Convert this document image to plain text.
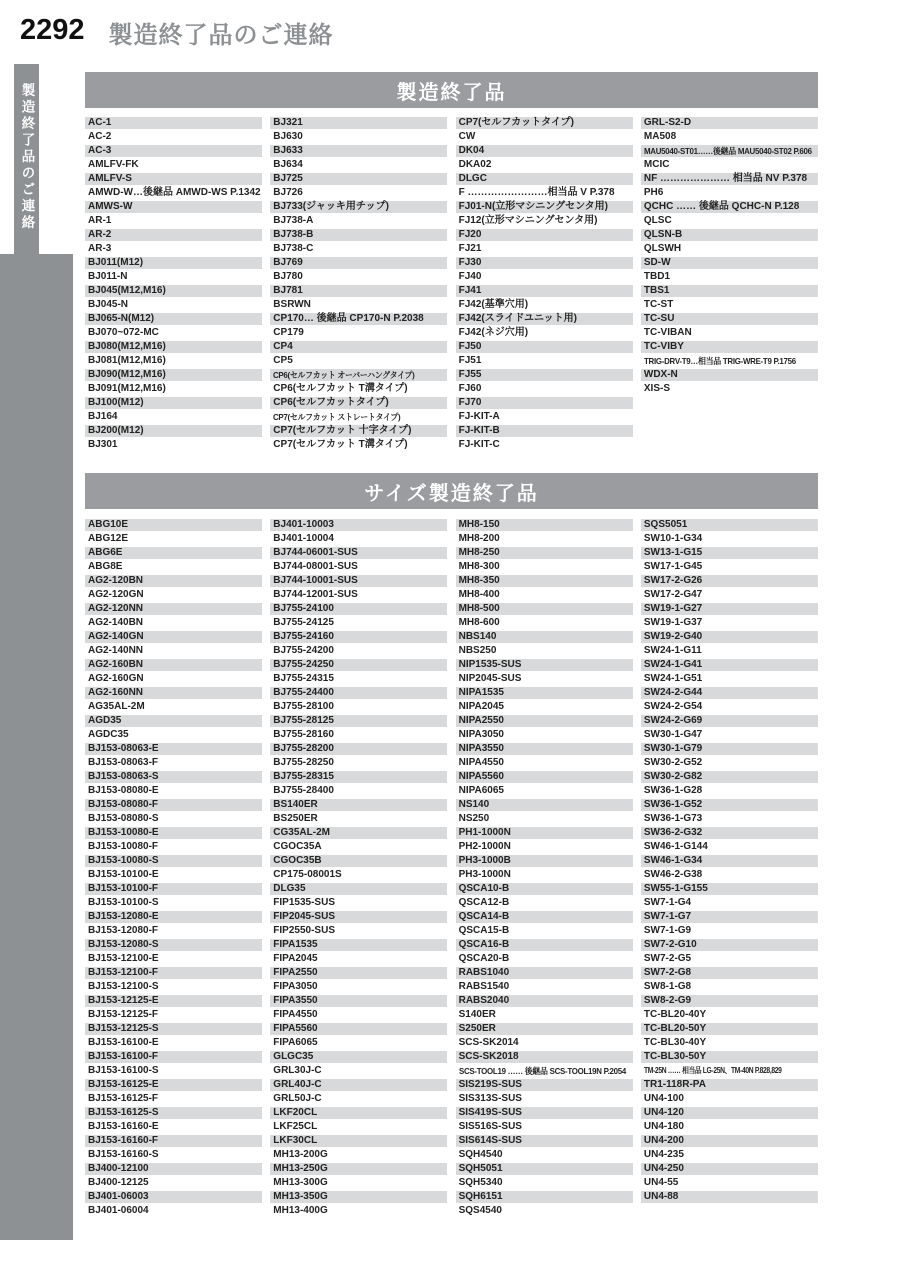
2292 製造終了品のご連絡
製造終了品のご連絡	製造終了品
AC-1
AC-2
AC-3
AMLFV-FK
AMLFV-S
AMWD-W…後継品 AMWD-WS P.1342
AMWS-W
AR-1
AR-2
AR-3
BJ011(M12)
BJ011-N
BJ045(M12,M16)
BJ045-N
BJ065-N(M12)
BJ070~072-MC
BJ080(M12,M16)
BJ081(M12,M16)
BJ090(M12,M16)
BJ091(M12,M16)
BJ100(M12)
BJ164
BJ200(M12)
BJ301
BJ321
BJ630
BJ633
BJ634
BJ725
BJ726
BJ733(ジャッキ用チップ)
BJ738-A
BJ738-B
BJ738-C
BJ769
BJ780
BJ781
BSRWN
CP170… 後継品 CP170-N P.2038
CP179
CP4
CP5
CP6(セルフカット オーバーハングタイプ)
CP6(セルフカット T溝タイプ)
CP6(セルフカットタイプ)
CP7(セルフカット ストレートタイプ)
CP7(セルフカット 十字タイプ)
CP7(セルフカット T溝タイプ)
CP7(セルフカットタイプ)
CW
DK04
DKA02
DLGC
F ……………………相当品 V P.378
FJ01-N(立形マシニングセンタ用)
FJ12(立形マシニングセンタ用)
FJ20
FJ21
FJ30
FJ40
FJ41
FJ42(基準穴用)
FJ42(スライドユニット用)
FJ42(ネジ穴用)
FJ50
FJ51
FJ55
FJ60
FJ70
FJ-KIT-A
FJ-KIT-B
FJ-KIT-C
GRL-S2-D
MA508
MAU5040-ST01……後継品 MAU5040-ST02 P.606
MCIC
NF ………………… 相当品 NV P.378
PH6
QCHC …… 後継品 QCHC-N P.128
QLSC
QLSN-B
QLSWH
SD-W
TBD1
TBS1
TC-ST
TC-SU
TC-VIBAN
TC-VIBY
TRIG-DRV-T9…相当品 TRIG-WRE-T9 P.1756
WDX-N
XIS-S
サイズ製造終了品
ABG10E
ABG12E
ABG6E
ABG8E
AG2-120BN
AG2-120GN
AG2-120NN
AG2-140BN
AG2-140GN
AG2-140NN
AG2-160BN
AG2-160GN
AG2-160NN
AG35AL-2M
AGD35
AGDC35
BJ153-08063-E
BJ153-08063-F
BJ153-08063-S
BJ153-08080-E
BJ153-08080-F
BJ153-08080-S
BJ153-10080-E
BJ153-10080-F
BJ153-10080-S
BJ153-10100-E
BJ153-10100-F
BJ153-10100-S
BJ153-12080-E
BJ153-12080-F
BJ153-12080-S
BJ153-12100-E
BJ153-12100-F
BJ153-12100-S
BJ153-12125-E
BJ153-12125-F
BJ153-12125-S
BJ153-16100-E
BJ153-16100-F
BJ153-16100-S
BJ153-16125-E
BJ153-16125-F
BJ153-16125-S
BJ153-16160-E
BJ153-16160-F
BJ153-16160-S
BJ400-12100
BJ400-12125
BJ401-06003
BJ401-06004
BJ401-10003
BJ401-10004
BJ744-06001-SUS
BJ744-08001-SUS
BJ744-10001-SUS
BJ744-12001-SUS
BJ755-24100
BJ755-24125
BJ755-24160
BJ755-24200
BJ755-24250
BJ755-24315
BJ755-24400
BJ755-28100
BJ755-28125
BJ755-28160
BJ755-28200
BJ755-28250
BJ755-28315
BJ755-28400
BS140ER
BS250ER
CG35AL-2M
CGOC35A
CGOC35B
CP175-08001S
DLG35
FIP1535-SUS
FIP2045-SUS
FIP2550-SUS
FIPA1535
FIPA2045
FIPA2550
FIPA3050
FIPA3550
FIPA4550
FIPA5560
FIPA6065
GLGC35
GRL30J-C
GRL40J-C
GRL50J-C
LKF20CL
LKF25CL
LKF30CL
MH13-200G
MH13-250G
MH13-300G
MH13-350G
MH13-400G
MH8-150
MH8-200
MH8-250
MH8-300
MH8-350
MH8-400
MH8-500
MH8-600
NBS140
NBS250
NIP1535-SUS
NIP2045-SUS
NIPA1535
NIPA2045
NIPA2550
NIPA3050
NIPA3550
NIPA4550
NIPA5560
NIPA6065
NS140
NS250
PH1-1000N
PH2-1000N
PH3-1000B
PH3-1000N
QSCA10-B
QSCA12-B
QSCA14-B
QSCA15-B
QSCA16-B
QSCA20-B
RABS1040
RABS1540
RABS2040
S140ER
S250ER
SCS-SK2014
SCS-SK2018
SCS-TOOL19 …… 後継品 SCS-TOOL19N P.2054
SIS219S-SUS
SIS313S-SUS
SIS419S-SUS
SIS516S-SUS
SIS614S-SUS
SQH4540
SQH5051
SQH5340
SQH6151
SQS4540
SQS5051
SW10-1-G34
SW13-1-G15
SW17-1-G45
SW17-2-G26
SW17-2-G47
SW19-1-G27
SW19-1-G37
SW19-2-G40
SW24-1-G11
SW24-1-G41
SW24-1-G51
SW24-2-G44
SW24-2-G54
SW24-2-G69
SW30-1-G47
SW30-1-G79
SW30-2-G52
SW30-2-G82
SW36-1-G28
SW36-1-G52
SW36-1-G73
SW36-2-G32
SW46-1-G144
SW46-1-G34
SW46-2-G38
SW55-1-G155
SW7-1-G4
SW7-1-G7
SW7-1-G9
SW7-2-G10
SW7-2-G5
SW7-2-G8
SW8-1-G8
SW8-2-G9
TC-BL20-40Y
TC-BL20-50Y
TC-BL30-40Y
TC-BL30-50Y
TM-25N …… 相当品 LG-25N、TM-40N P.828,829
TR1-118R-PA
UN4-100
UN4-120
UN4-180
UN4-200
UN4-235
UN4-250
UN4-55
UN4-88
